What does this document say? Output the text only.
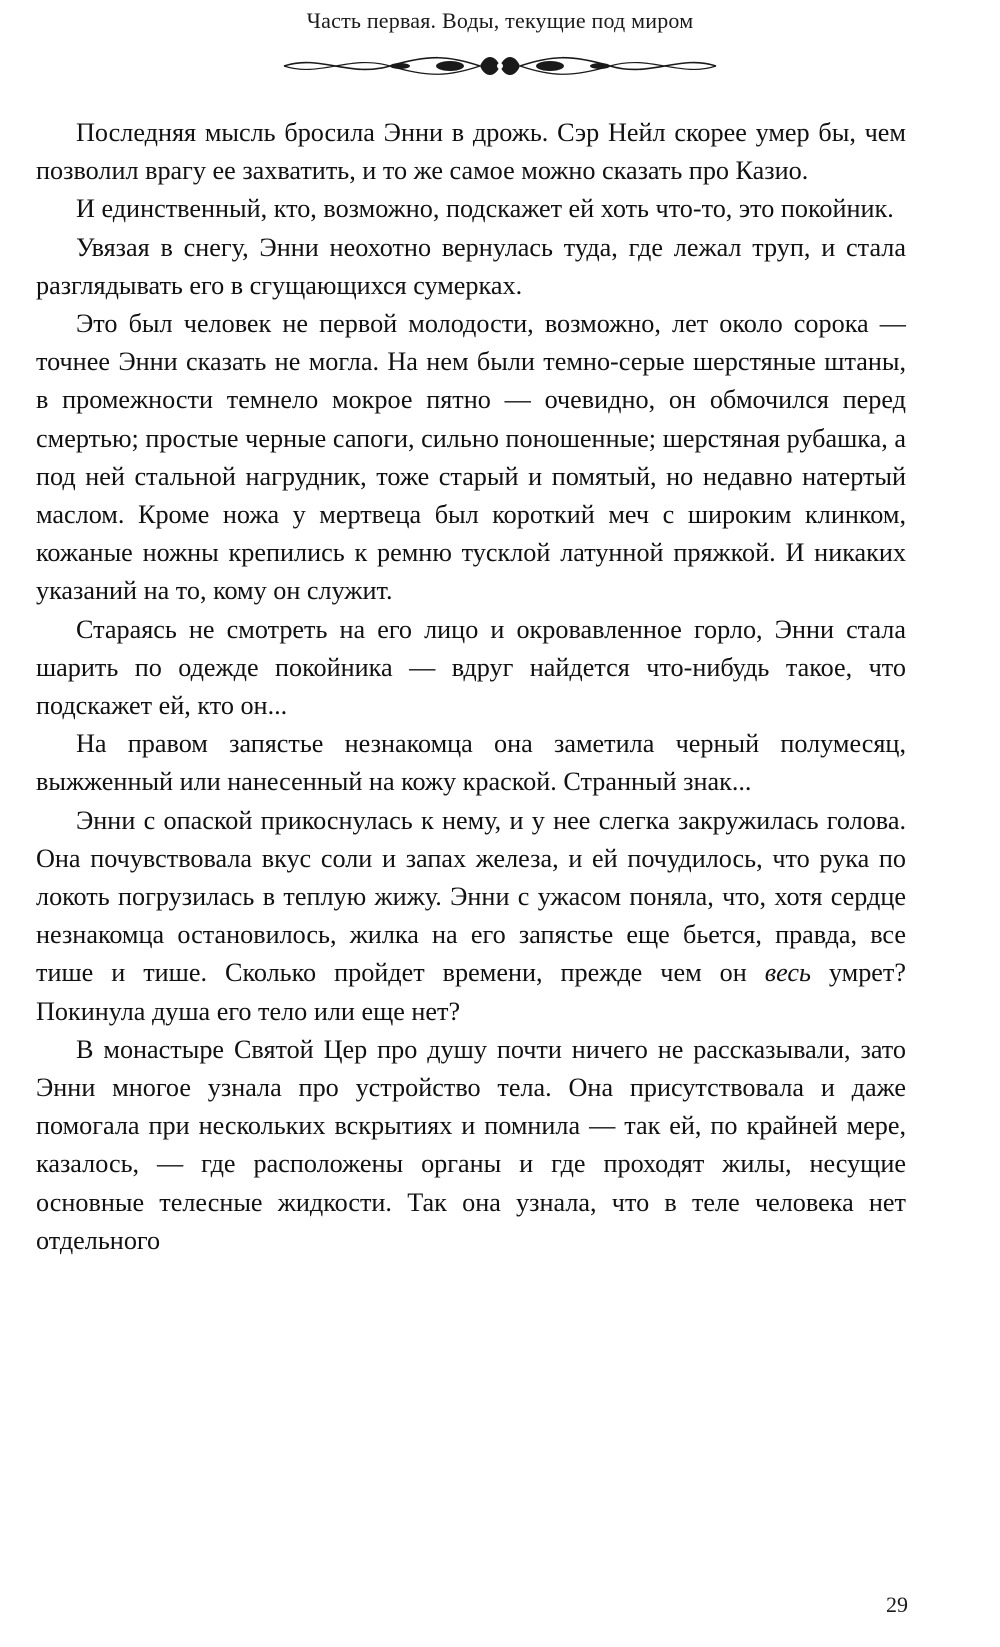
Часть первая. Воды, текущие под миром

Последняя мысль бросила Энни в дрожь. Сэр Нейл скорее умер бы, чем позволил врагу ее захватить, и то же самое можно сказать про Казио.

И единственный, кто, возможно, подскажет ей хоть что-то, это покойник.

Увязая в снегу, Энни неохотно вернулась туда, где лежал труп, и стала разглядывать его в сгущающихся сумерках.

Это был человек не первой молодости, возможно, лет около сорока — точнее Энни сказать не могла. На нем были темно-серые шерстяные штаны, в промежности темнело мокрое пятно — очевидно, он обмочился перед смертью; простые черные сапоги, сильно поношенные; шерстяная рубашка, а под ней стальной нагрудник, тоже старый и помятый, но недавно натертый маслом. Кроме ножа у мертвеца был короткий меч с широким клинком, кожаные ножны крепились к ремню тусклой латунной пряжкой. И никаких указаний на то, кому он служит.

Стараясь не смотреть на его лицо и окровавленное горло, Энни стала шарить по одежде покойника — вдруг найдется что-нибудь такое, что подскажет ей, кто он...

На правом запястье незнакомца она заметила черный полумесяц, выжженный или нанесенный на кожу краской. Странный знак...

Энни с опаской прикоснулась к нему, и у нее слегка закружилась голова. Она почувствовала вкус соли и запах железа, и ей почудилось, что рука по локоть погрузилась в теплую жижу. Энни с ужасом поняла, что, хотя сердце незнакомца остановилось, жилка на его запястье еще бьется, правда, все тише и тише. Сколько пройдет времени, прежде чем он весь умрет? Покинула душа его тело или еще нет?

В монастыре Святой Цер про душу почти ничего не рассказывали, зато Энни многое узнала про устройство тела. Она присутствовала и даже помогала при нескольких вскрытиях и помнила — так ей, по крайней мере, казалось, — где расположены органы и где проходят жилы, несущие основные телесные жидкости. Так она узнала, что в теле человека нет отдельного

29
